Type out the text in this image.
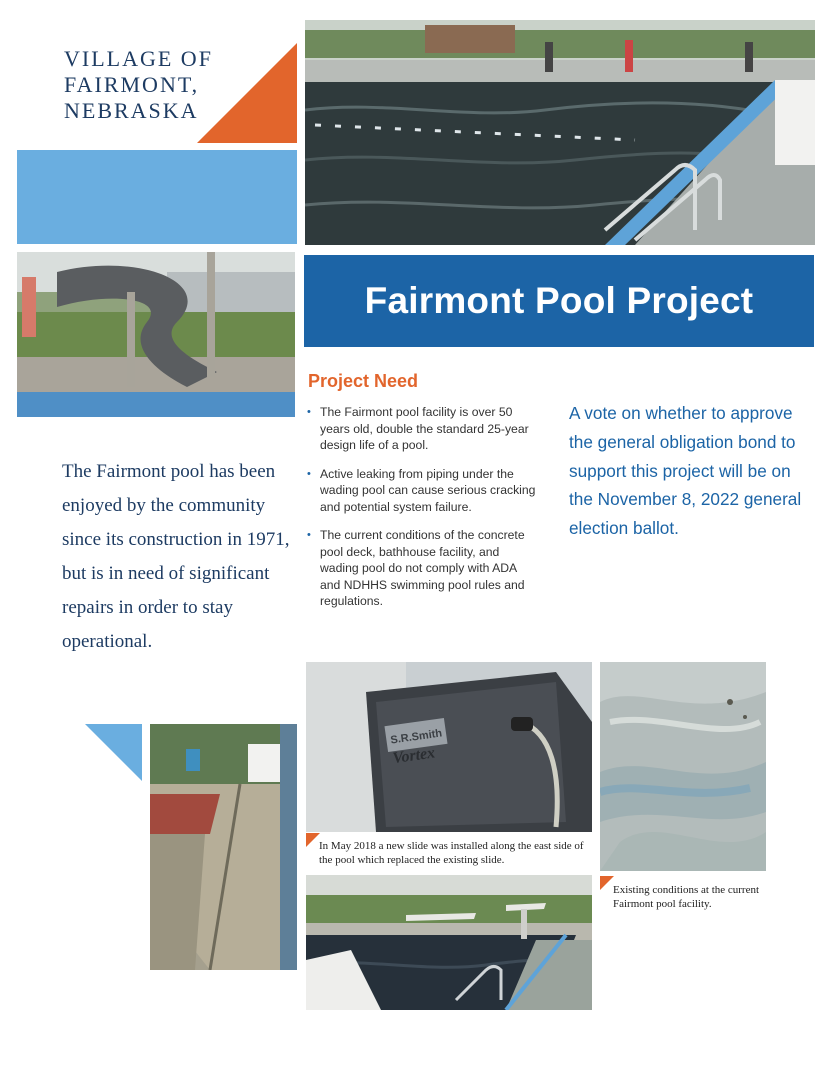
VILLAGE OF
FAIRMONT,
NEBRASKA
Fairmont Pool Project
Project Need
• The Fairmont pool facility is over 50 years old, double the standard 25-year design life of a pool.
• Active leaking from piping under the wading pool can cause serious cracking and potential system failure.
• The current conditions of the concrete pool deck, bathhouse facility, and wading pool do not comply with ADA and NDHHS swimming pool rules and regulations.
A vote on whether to approve the general obligation bond to support this project will be on the November 8, 2022 general election ballot.
The Fairmont pool has been enjoyed by the community since its construction in 1971, but is in need of significant repairs in order to stay operational.
S.R.Smith
Vortex
In May 2018 a new slide was installed along the east side of the pool which replaced the existing slide.
Existing conditions at the current Fairmont pool facility.
